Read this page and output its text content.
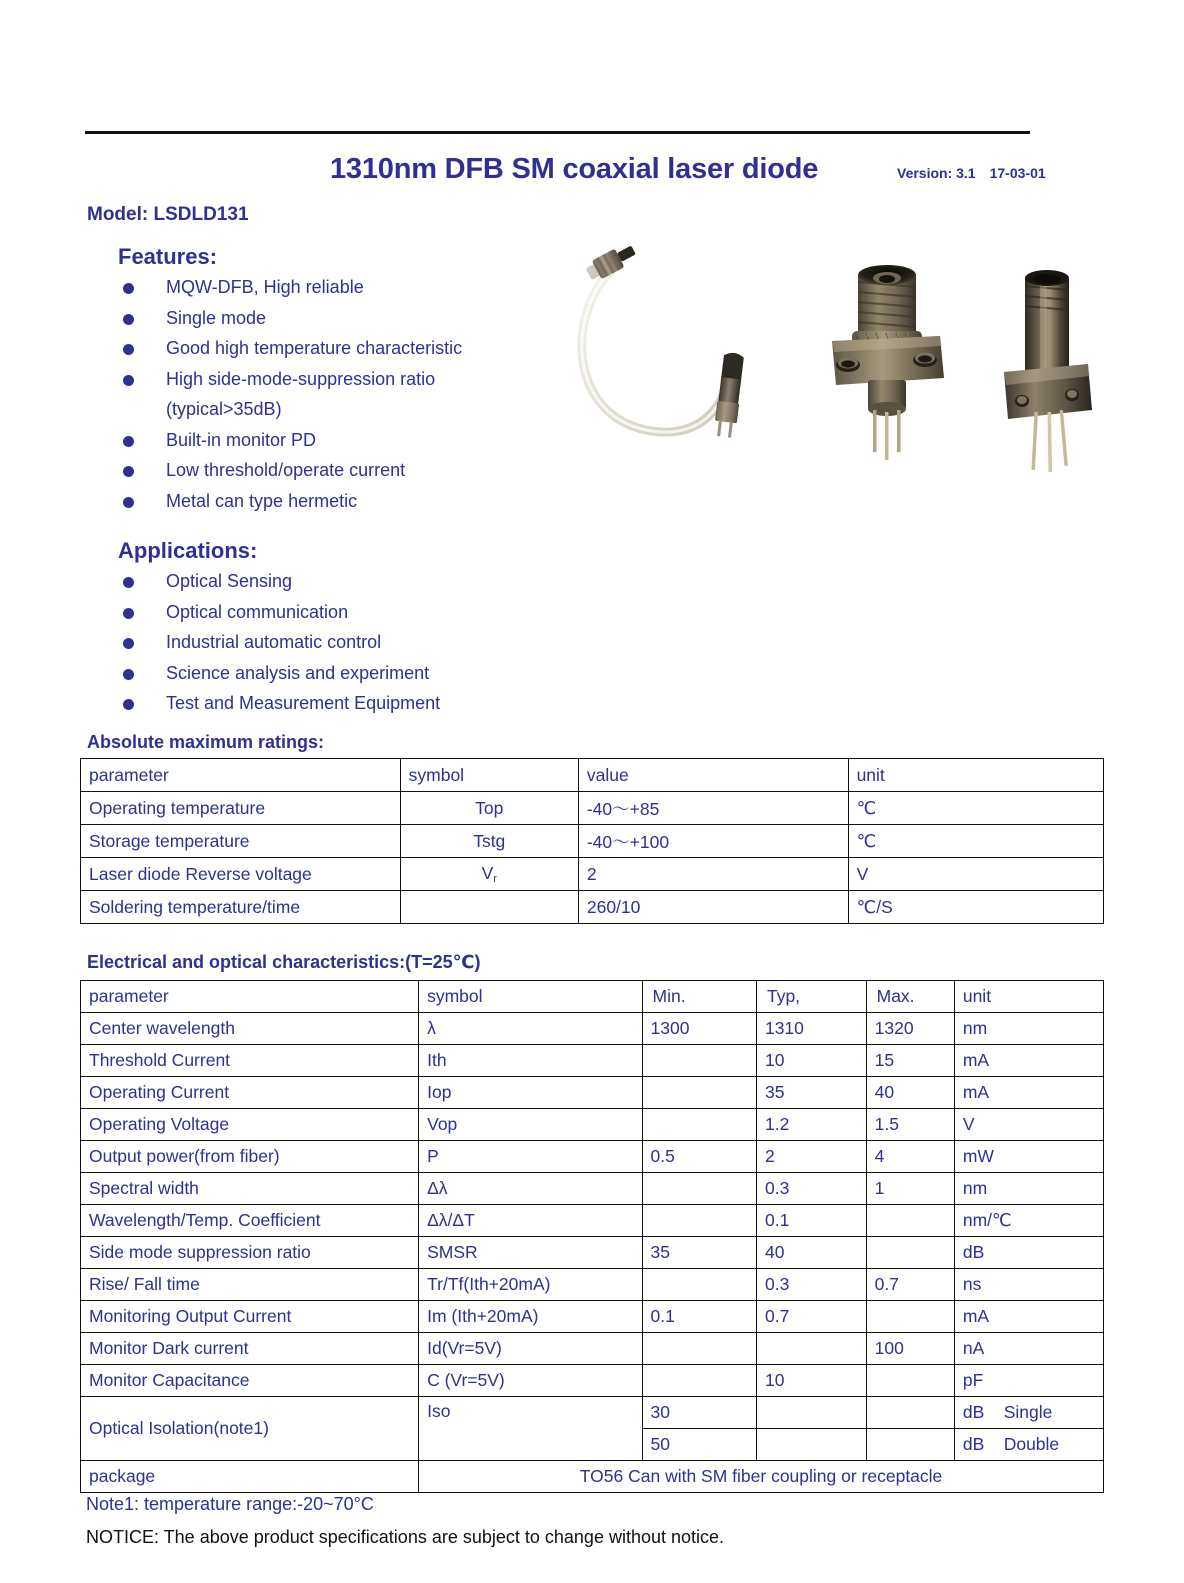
1310nm DFB SM coaxial laser diode	Version: 3.1 17-03-01
Model: LSDLD131
Features:
MQW-DFB, High reliable
Single mode
Good high temperature characteristic
High side-mode-suppression ratio (typical>35dB)
Built-in monitor PD
Low threshold/operate current
Metal can type hermetic
Applications:
Optical Sensing
Optical communication
Industrial automatic control
Science analysis and experiment
Test and Measurement Equipment
Absolute maximum ratings:
parameter	symbol	value	unit
Operating temperature	Top	-40～+85	℃
Storage temperature	Tstg	-40～+100	℃
Laser diode Reverse voltage	$V_r$	2	V
Soldering temperature/time		260/10	℃/S
Electrical and optical characteristics:(T=25℃)
parameter	symbol	Min.	Typ,	Max.	unit
Center wavelength	λ	1300	1310	1320	nm
Threshold Current	Ith		10	15	mA
Operating Current	Iop		35	40	mA
Operating Voltage	Vop		1.2	1.5	V
Output power(from fiber)	P	0.5	2	4	mW
Spectral width	Δλ		0.3	1	nm
Wavelength/Temp. Coefficient	Δλ/ΔT		0.1		nm/℃
Side mode suppression ratio	SMSR	35	40		dB
Rise/ Fall time	Tr/Tf(Ith+20mA)		0.3	0.7	ns
Monitoring Output Current	Im (Ith+20mA)	0.1	0.7		mA
Monitor Dark current	Id(Vr=5V)			100	nA
Monitor Capacitance	C (Vr=5V)		10		pF
Optical Isolation(note1)	Iso	30			dB    Single
		50			dB    Double
package	TO56 Can with SM fiber coupling or receptacle				
Note1: temperature range:-20~70°C
NOTICE: The above product specifications are subject to change without notice.
